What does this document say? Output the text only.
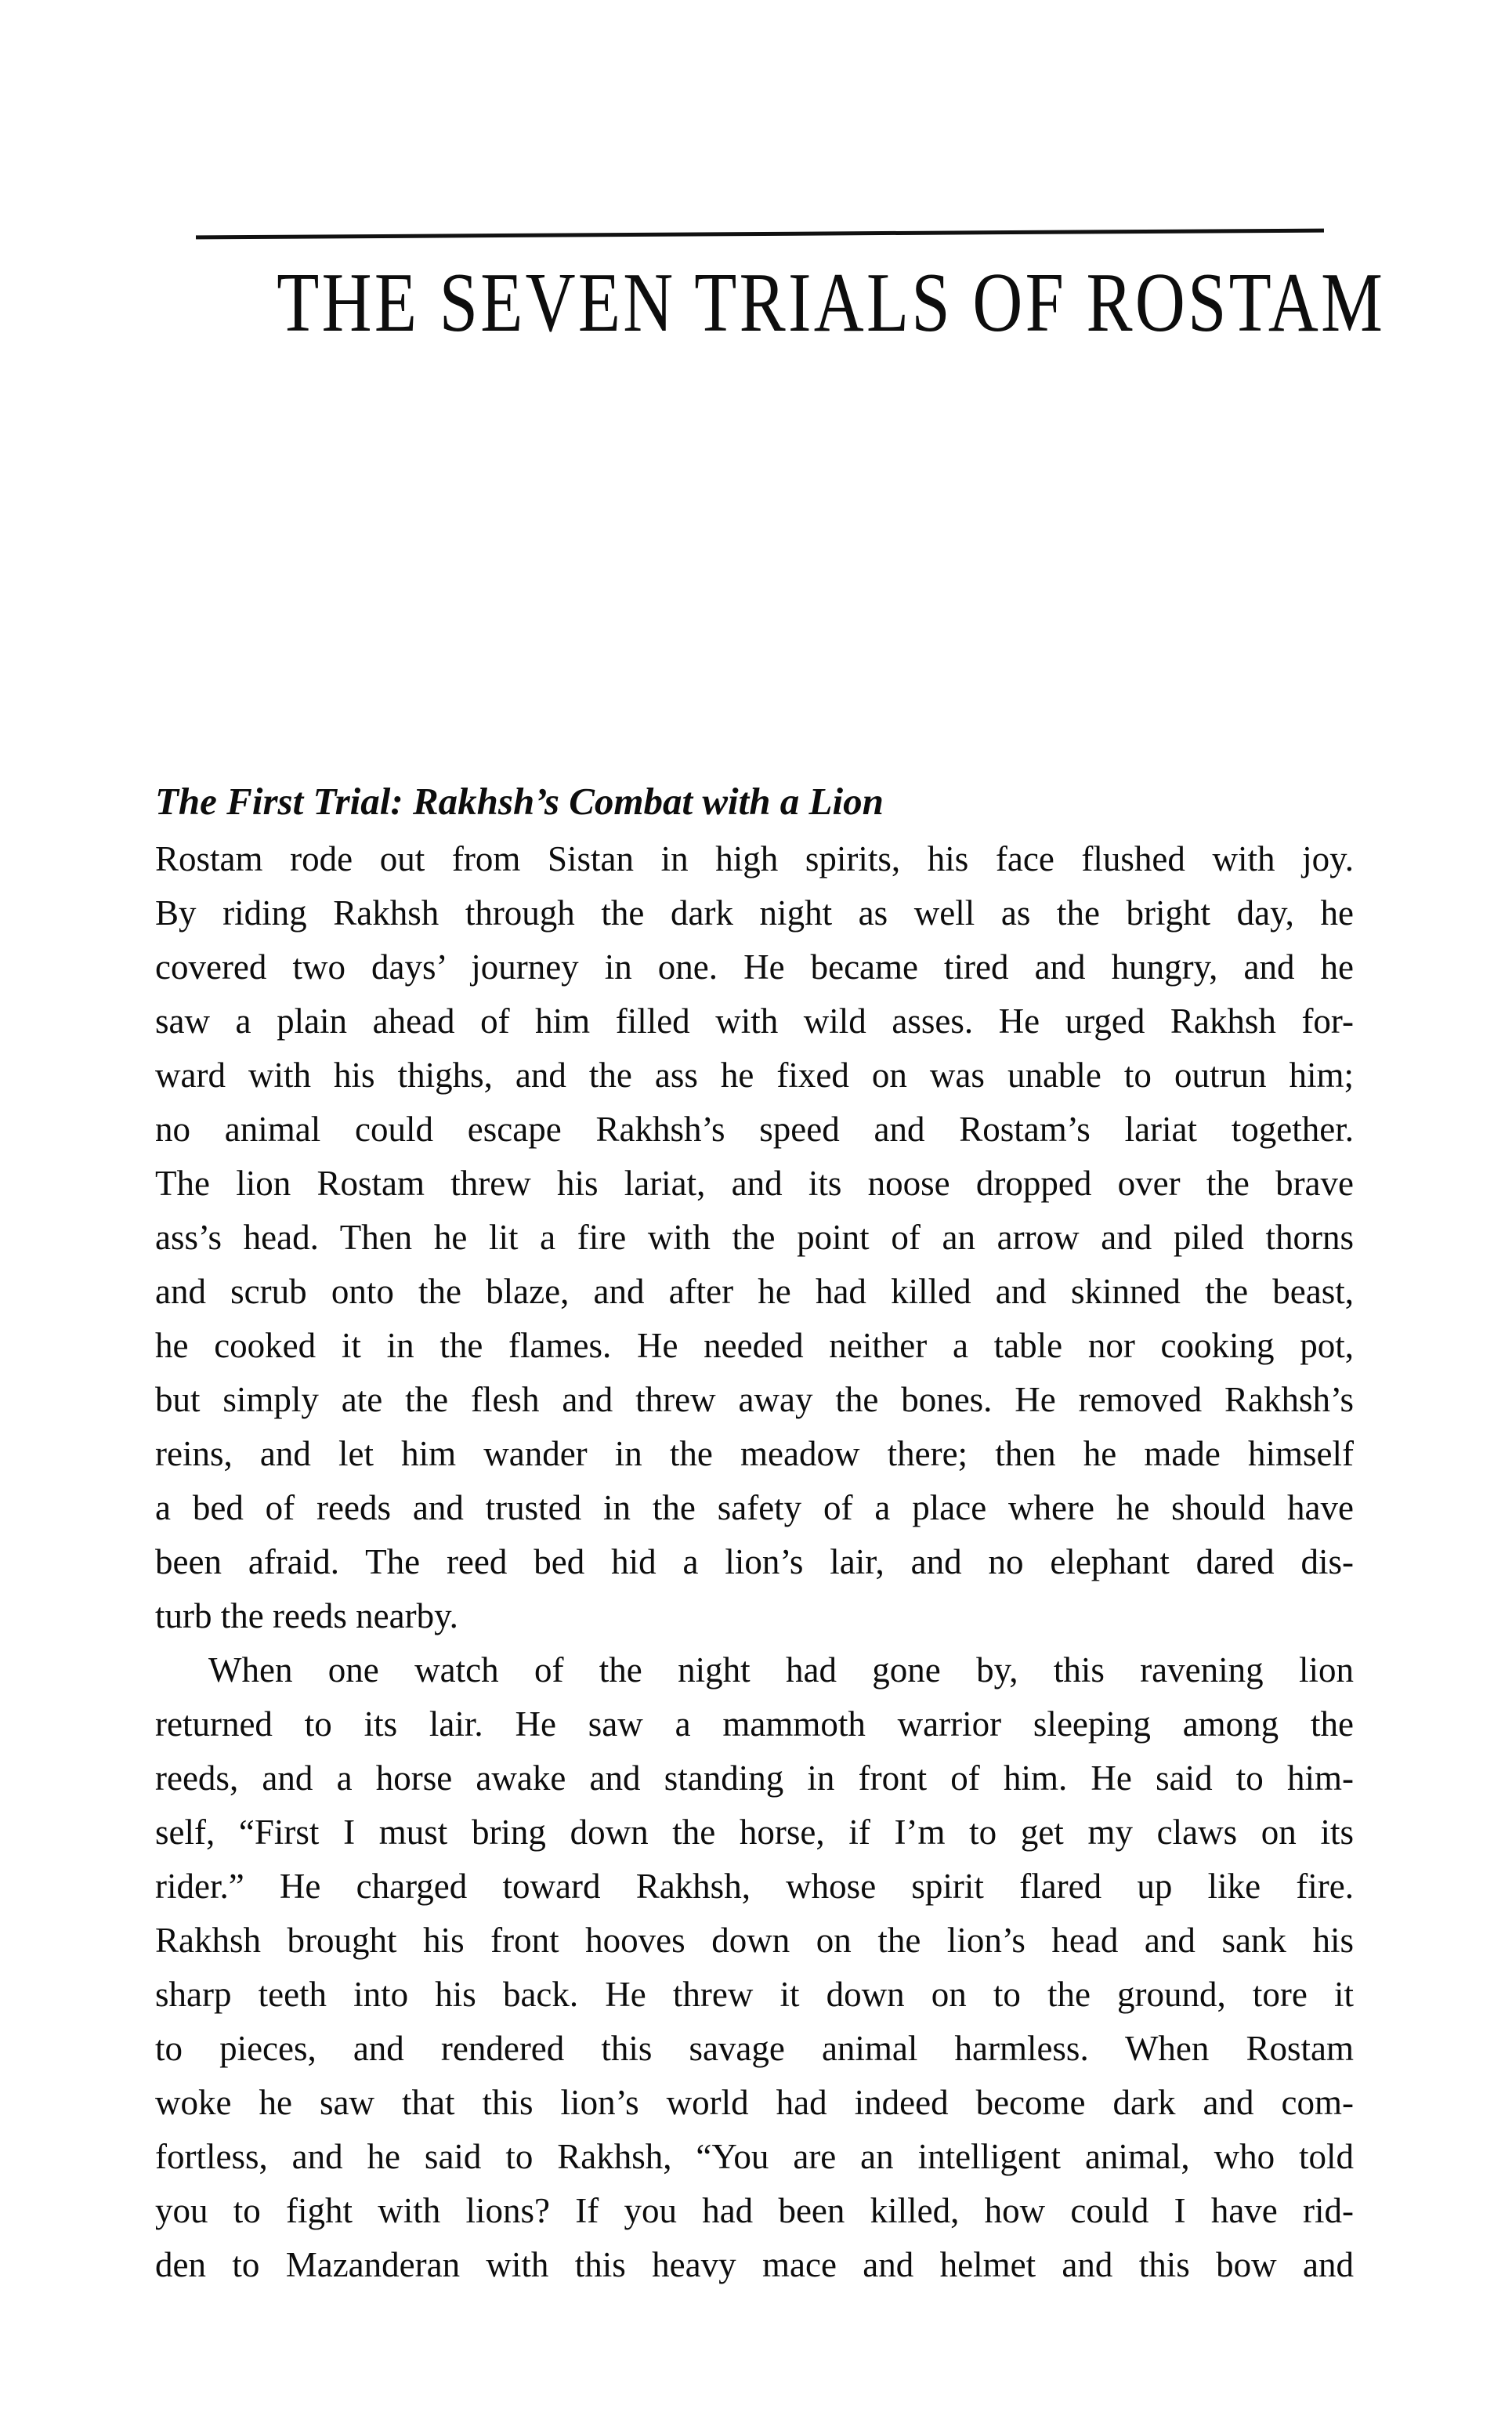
THE SEVEN TRIALS OF ROSTAM
The First Trial: Rakhsh’s Combat with a Lion
Rostam rode out from Sistan in high spirits, his face flushed with joy.
By riding Rakhsh through the dark night as well as the bright day, he
covered two days’ journey in one. He became tired and hungry, and he
saw a plain ahead of him filled with wild asses. He urged Rakhsh for-
ward with his thighs, and the ass he fixed on was unable to outrun him;
no animal could escape Rakhsh’s speed and Rostam’s lariat together.
The lion Rostam threw his lariat, and its noose dropped over the brave
ass’s head. Then he lit a fire with the point of an arrow and piled thorns
and scrub onto the blaze, and after he had killed and skinned the beast,
he cooked it in the flames. He needed neither a table nor cooking pot,
but simply ate the flesh and threw away the bones. He removed Rakhsh’s
reins, and let him wander in the meadow there; then he made himself
a bed of reeds and trusted in the safety of a place where he should have
been afraid. The reed bed hid a lion’s lair, and no elephant dared dis-
turb the reeds nearby.
When one watch of the night had gone by, this ravening lion
returned to its lair. He saw a mammoth warrior sleeping among the
reeds, and a horse awake and standing in front of him. He said to him-
self, “First I must bring down the horse, if I’m to get my claws on its
rider.” He charged toward Rakhsh, whose spirit flared up like fire.
Rakhsh brought his front hooves down on the lion’s head and sank his
sharp teeth into his back. He threw it down on to the ground, tore it
to pieces, and rendered this savage animal harmless. When Rostam
woke he saw that this lion’s world had indeed become dark and com-
fortless, and he said to Rakhsh, “You are an intelligent animal, who told
you to fight with lions? If you had been killed, how could I have rid-
den to Mazanderan with this heavy mace and helmet and this bow and
